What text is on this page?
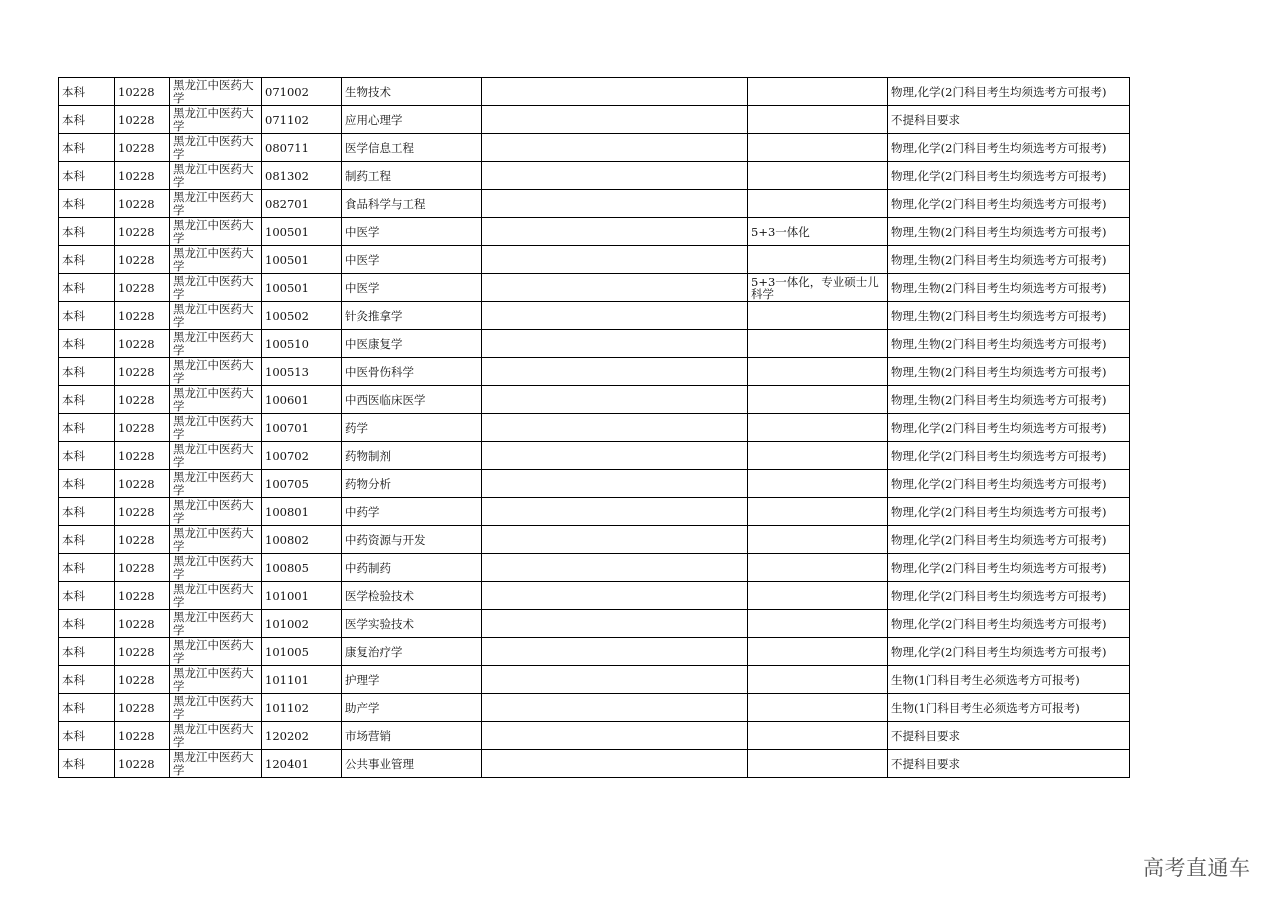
本科	10228	黑龙江中医药大学	071002	生物技术			物理,化学(2门科目考生均须选考方可报考)
本科	10228	黑龙江中医药大学	071102	应用心理学			不提科目要求
本科	10228	黑龙江中医药大学	080711	医学信息工程			物理,化学(2门科目考生均须选考方可报考)
本科	10228	黑龙江中医药大学	081302	制药工程			物理,化学(2门科目考生均须选考方可报考)
本科	10228	黑龙江中医药大学	082701	食品科学与工程			物理,化学(2门科目考生均须选考方可报考)
本科	10228	黑龙江中医药大学	100501	中医学		5+3一体化	物理,生物(2门科目考生均须选考方可报考)
本科	10228	黑龙江中医药大学	100501	中医学			物理,生物(2门科目考生均须选考方可报考)
本科	10228	黑龙江中医药大学	100501	中医学		5+3一体化，专业硕士儿科学	物理,生物(2门科目考生均须选考方可报考)
本科	10228	黑龙江中医药大学	100502	针灸推拿学			物理,生物(2门科目考生均须选考方可报考)
本科	10228	黑龙江中医药大学	100510	中医康复学			物理,生物(2门科目考生均须选考方可报考)
本科	10228	黑龙江中医药大学	100513	中医骨伤科学			物理,生物(2门科目考生均须选考方可报考)
本科	10228	黑龙江中医药大学	100601	中西医临床医学			物理,生物(2门科目考生均须选考方可报考)
本科	10228	黑龙江中医药大学	100701	药学			物理,化学(2门科目考生均须选考方可报考)
本科	10228	黑龙江中医药大学	100702	药物制剂			物理,化学(2门科目考生均须选考方可报考)
本科	10228	黑龙江中医药大学	100705	药物分析			物理,化学(2门科目考生均须选考方可报考)
本科	10228	黑龙江中医药大学	100801	中药学			物理,化学(2门科目考生均须选考方可报考)
本科	10228	黑龙江中医药大学	100802	中药资源与开发			物理,化学(2门科目考生均须选考方可报考)
本科	10228	黑龙江中医药大学	100805	中药制药			物理,化学(2门科目考生均须选考方可报考)
本科	10228	黑龙江中医药大学	101001	医学检验技术			物理,化学(2门科目考生均须选考方可报考)
本科	10228	黑龙江中医药大学	101002	医学实验技术			物理,化学(2门科目考生均须选考方可报考)
本科	10228	黑龙江中医药大学	101005	康复治疗学			物理,化学(2门科目考生均须选考方可报考)
本科	10228	黑龙江中医药大学	101101	护理学			生物(1门科目考生必须选考方可报考)
本科	10228	黑龙江中医药大学	101102	助产学			生物(1门科目考生必须选考方可报考)
本科	10228	黑龙江中医药大学	120202	市场营销			不提科目要求
本科	10228	黑龙江中医药大学	120401	公共事业管理			不提科目要求
高考直通车
